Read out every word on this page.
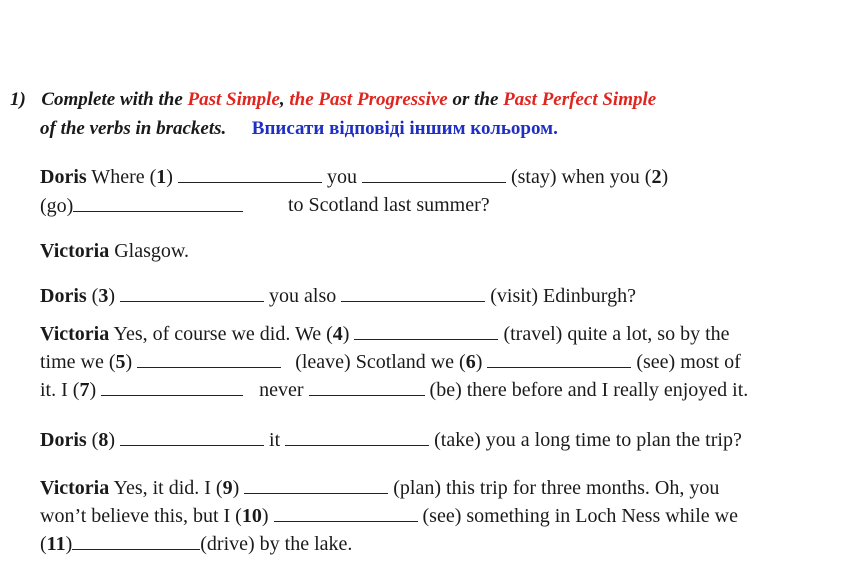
1) Complete with the Past Simple, the Past Progressive or the Past Perfect Simple
of the verbs in brackets. Вписати відповіді іншим кольором.
Doris Where (1)	you	(stay) when you (2)
(go)	to Scotland last summer?
Victoria Glasgow.
Doris (3)	you also	(visit) Edinburgh?
Victoria Yes, of course we did. We (4)	(travel) quite a lot, so by the
time we (5)	(leave) Scotland we (6)	(see) most of
it. I (7)	never	(be) there before and I really enjoyed it.
Doris (8)	it	(take) you a long time to plan the trip?
Victoria Yes, it did. I (9)	(plan) this trip for three months. Oh, you
won’t believe this, but I (10)	(see) something in Loch Ness while we
(11)	(drive) by the lake.
